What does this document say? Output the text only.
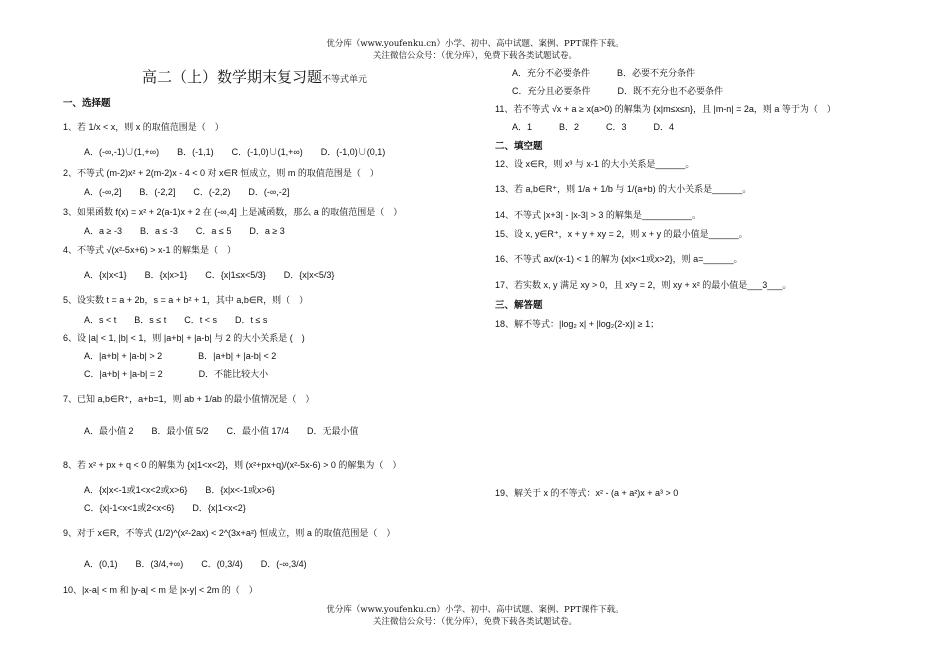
优分库（www.youfenku.cn）小学、初中、高中试题、案例、PPT课件下载。
关注微信公众号：（优分库），免费下载各类试题试卷。
高二（上）数学期末复习题不等式单元
一、选择题
1、若 1/x < x，则 x 的取值范围是（　）
A．(-∞,-1)∪(1,+∞)　　B．(-1,1)　　C．(-1,0)∪(1,+∞)　　D．(-1,0)∪(0,1)
2、不等式 (m-2)x² + 2(m-2)x - 4 < 0 对 x∈R 恒成立，则 m 的取值范围是（　）
A．(-∞,2]　　B．(-2,2]　　C．(-2,2)　　D．(-∞,-2]
3、如果函数 f(x) = x² + 2(a-1)x + 2 在 (-∞,4] 上是减函数，那么 a 的取值范围是（　）
A．a ≥ -3　　B．a ≤ -3　　C．a ≤ 5　　D．a ≥ 3
4、不等式 √(x²-5x+6) > x-1 的解集是（　）
A．{x|x<1}　　B．{x|x>1}　　C．{x|1≤x<5/3}　　D．{x|x<5/3}
5、设实数 t = a + 2b，s = a + b² + 1，其中 a,b∈R，则（　）
A．s < t　　B．s ≤ t　　C．t < s　　D．t ≤ s
6、设 |a| < 1, |b| < 1，则 |a+b| + |a-b| 与 2 的大小关系是 (　)
A．|a+b| + |a-b| > 2　　　　B．|a+b| + |a-b| < 2
C．|a+b| + |a-b| = 2　　　　D．不能比较大小
7、已知 a,b∈R⁺，a+b=1，则 ab + 1/ab 的最小值情况是（　）
A．最小值 2　　B．最小值 5/2　　C．最小值 17/4　　D．无最小值
8、若 x² + px + q < 0 的解集为 {x|1<x<2}，则 (x²+px+q)/(x²-5x-6) > 0 的解集为（　）
A．{x|x<-1或1<x<2或x>6}　　B．{x|x<-1或x>6}
C．{x|-1<x<1或2<x<6}　　D．{x|1<x<2}
9、对于 x∈R，不等式 (1/2)^(x²-2ax) < 2^(3x+a²) 恒成立，则 a 的取值范围是（　）
A．(0,1)　　B．(3/4,+∞)　　C．(0,3/4)　　D．(-∞,3/4)
10、|x-a| < m 和 |y-a| < m 是 |x-y| < 2m 的（　）
A．充分不必要条件　　　B．必要不充分条件
C．充分且必要条件　　　D．既不充分也不必要条件
11、若不等式 √x + a ≥ x(a>0) 的解集为 {x|m≤x≤n}，且 |m-n| = 2a，则 a 等于为（　）
A．1　　　B．2　　　C．3　　　D．4
二、填空题
12、设 x∈R，则 x³ 与 x-1 的大小关系是______。
13、若 a,b∈R⁺，则 1/a + 1/b 与 1/(a+b) 的大小关系是______。
14、不等式 |x+3| - |x-3| > 3 的解集是__________。
15、设 x, y∈R⁺，x + y + xy = 2，则 x + y 的最小值是______。
16、不等式 ax/(x-1) < 1 的解为 {x|x<1或x>2}，则 a=______。
17、若实数 x, y 满足 xy > 0，且 x²y = 2，则 xy + x² 的最小值是___3___。
三、解答题
18、解不等式：|log₂ x| + |log₂(2-x)| ≥ 1；
19、解关于 x 的不等式：x² - (a + a²)x + a³ > 0
优分库（www.youfenku.cn）小学、初中、高中试题、案例、PPT课件下载。
关注微信公众号：（优分库），免费下载各类试题试卷。
